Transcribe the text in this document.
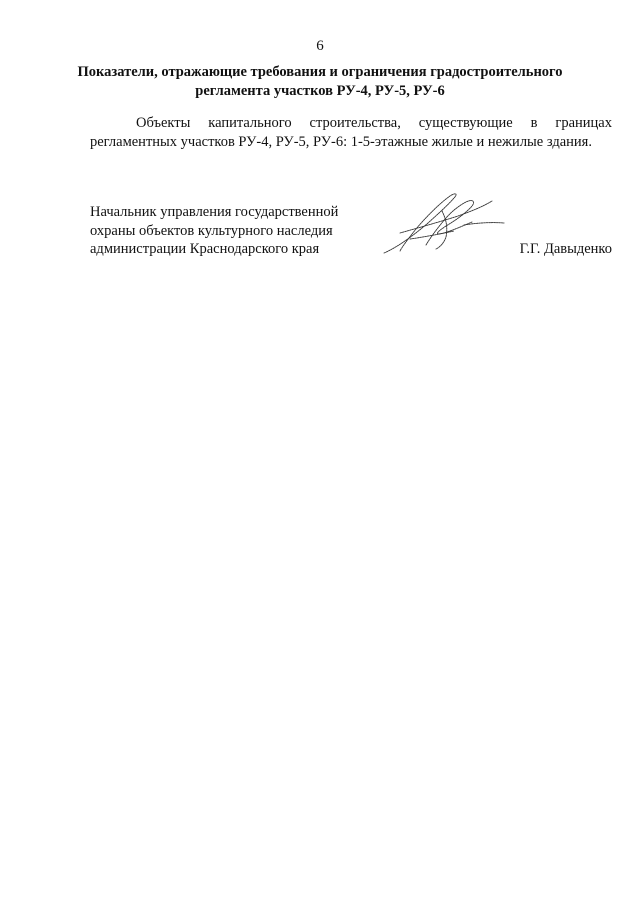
6
Показатели, отражающие требования и ограничения градостроительного
регламента участков РУ-4, РУ-5, РУ-6
Объекты капитального строительства, существующие в границах регламентных участков РУ-4, РУ-5, РУ-6: 1-5-этажные жилые и нежилые здания.
Начальник управления государственной
охраны объектов культурного наследия
администрации Краснодарского края	Г.Г. Давыденко
